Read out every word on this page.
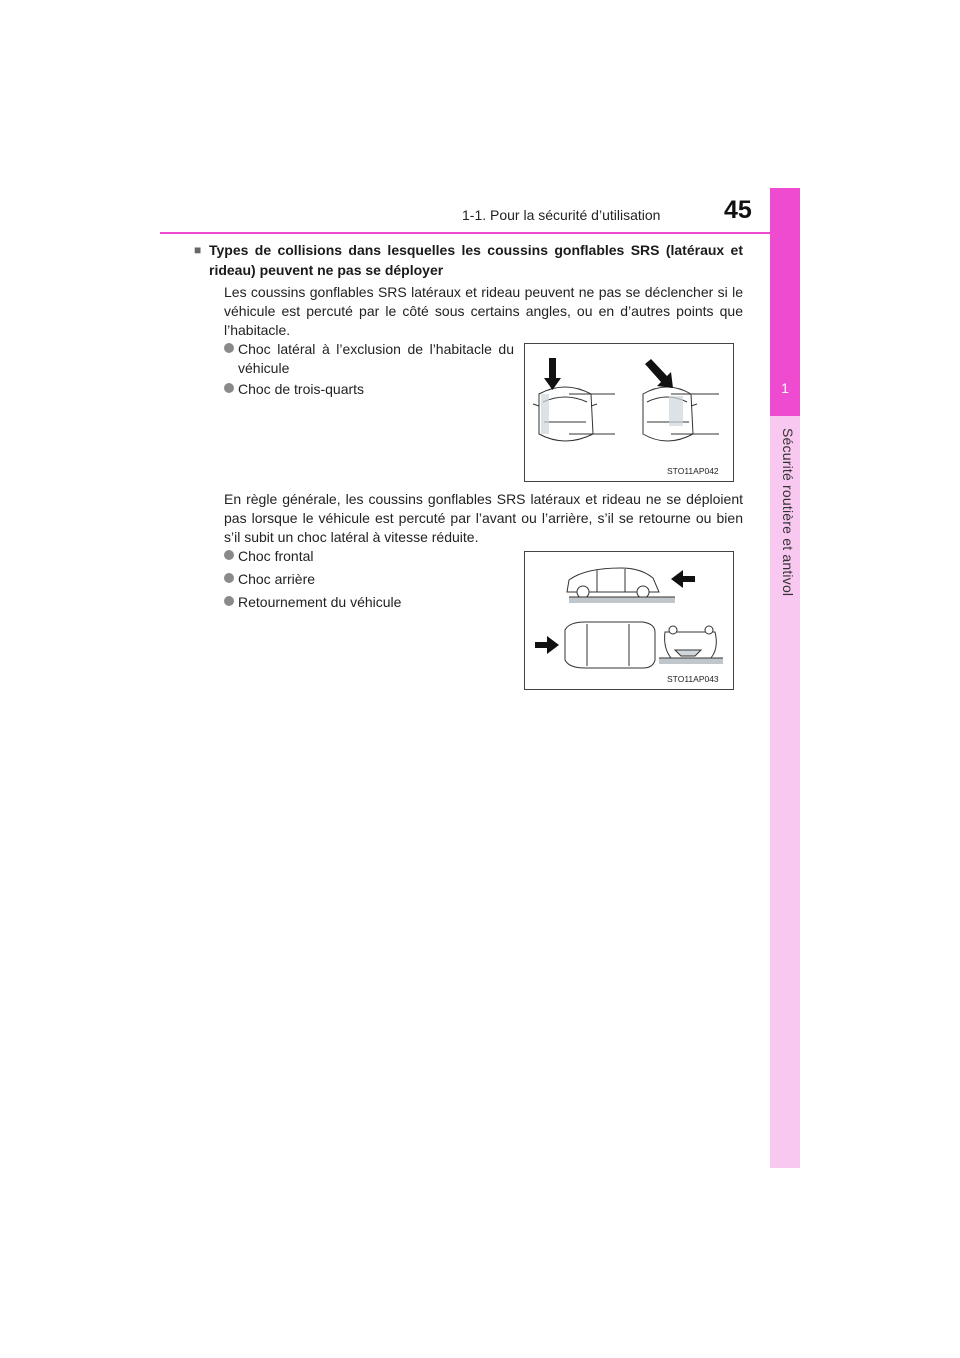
1
Sécurité routière et antivol
1-1. Pour la sécurité d’utilisation	45
■ Types de collisions dans lesquelles les coussins gonflables SRS (latéraux et rideau) peuvent ne pas se déployer
Les coussins gonflables SRS latéraux et rideau peuvent ne pas se déclencher si le véhicule est percuté par le côté sous certains angles, ou en d’autres points que l’habitacle.
Choc latéral à l’exclusion de l’habitacle du véhicule
Choc de trois-quarts
STO11AP042
En règle générale, les coussins gonflables SRS latéraux et rideau ne se déploient pas lorsque le véhicule est percuté par l’avant ou l’arrière, s’il se retourne ou bien s’il subit un choc latéral à vitesse réduite.
Choc frontal
Choc arrière
Retournement du véhicule
STO11AP043
